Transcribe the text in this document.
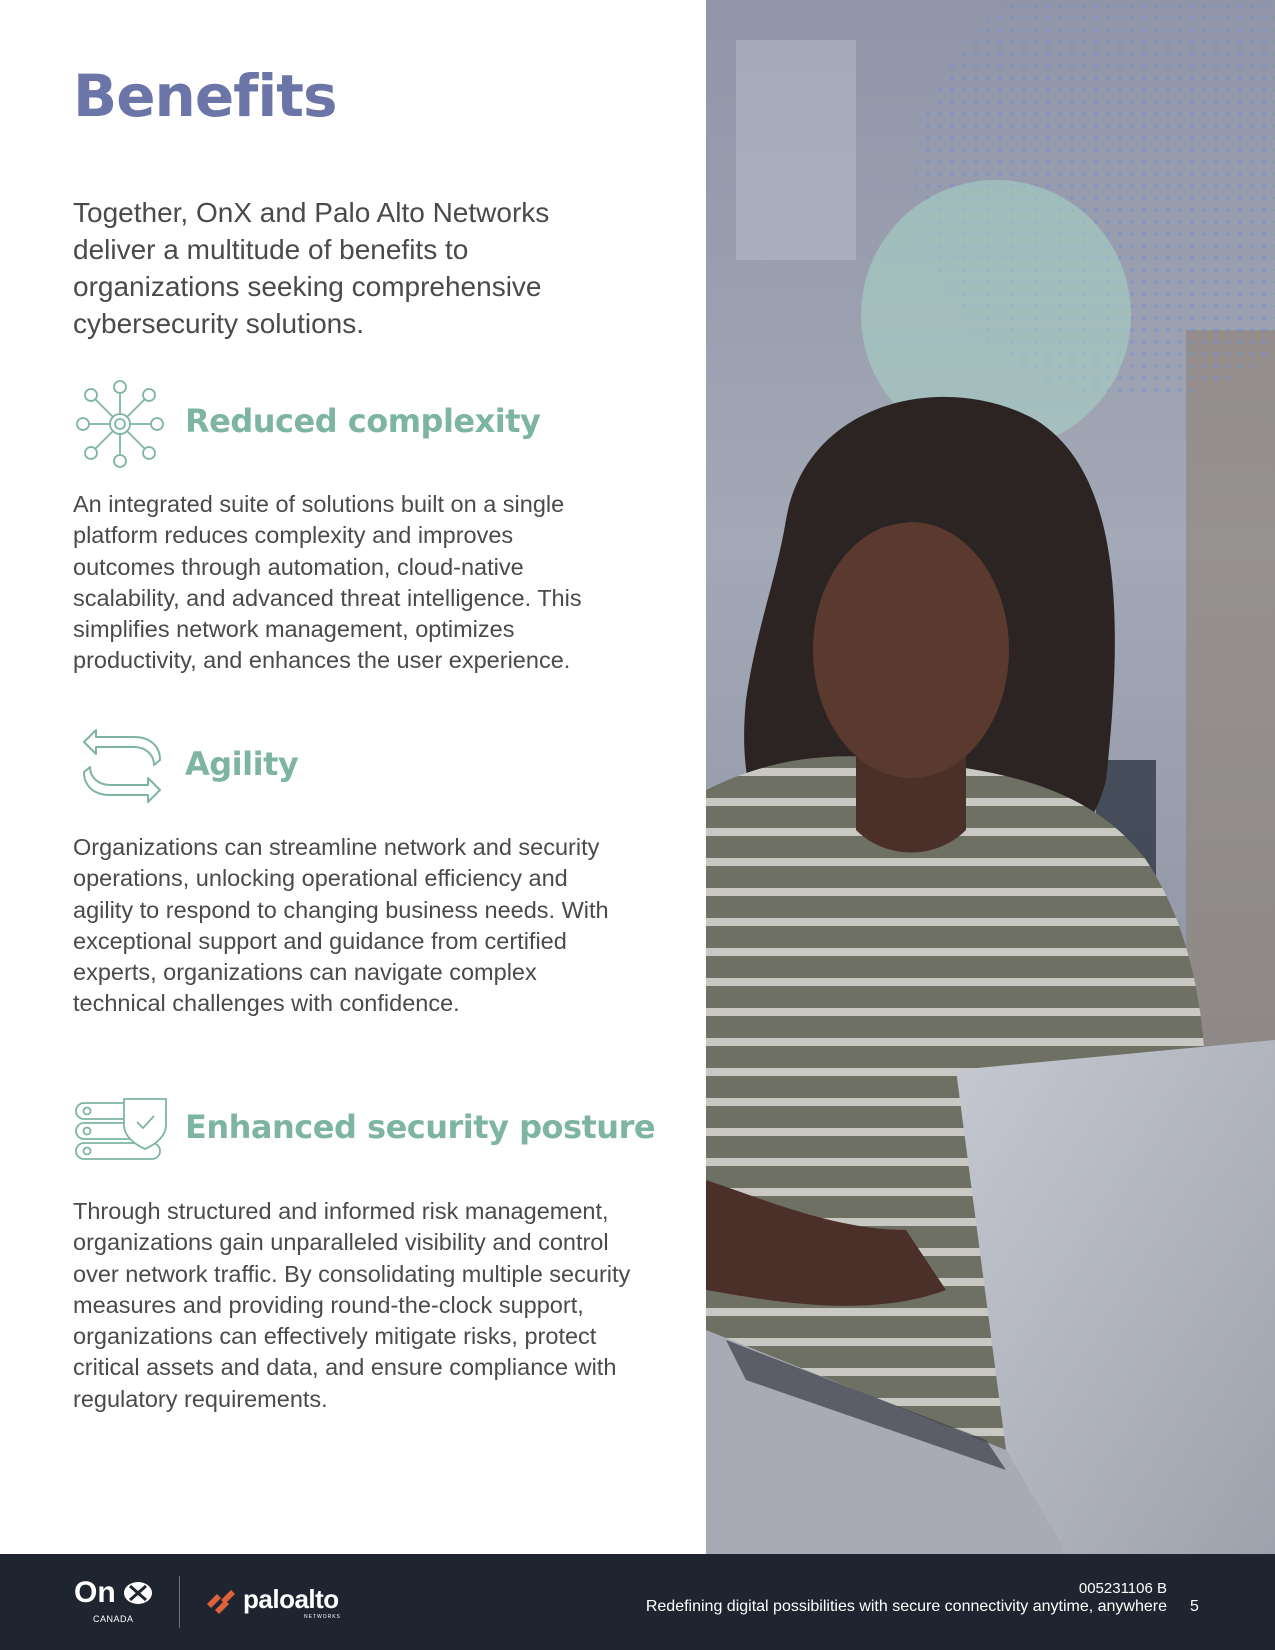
Benefits

Together, OnX and Palo Alto Networks deliver a multitude of benefits to organizations seeking comprehensive cybersecurity solutions.

Reduced complexity

An integrated suite of solutions built on a single platform reduces complexity and improves outcomes through automation, cloud-native scalability, and advanced threat intelligence. This simplifies network management, optimizes productivity, and enhances the user experience.

Agility

Organizations can streamline network and security operations, unlocking operational efficiency and agility to respond to changing business needs. With exceptional support and guidance from certified experts, organizations can navigate complex technical challenges with confidence.

Enhanced security posture

Through structured and informed risk management, organizations gain unparalleled visibility and control over network traffic. By consolidating multiple security measures and providing round-the-clock support, organizations can effectively mitigate risks, protect critical assets and data, and ensure compliance with regulatory requirements.

On
CANADA
paloalto
NETWORKS
005231106 B
Redefining digital possibilities with secure connectivity anytime, anywhere 5
